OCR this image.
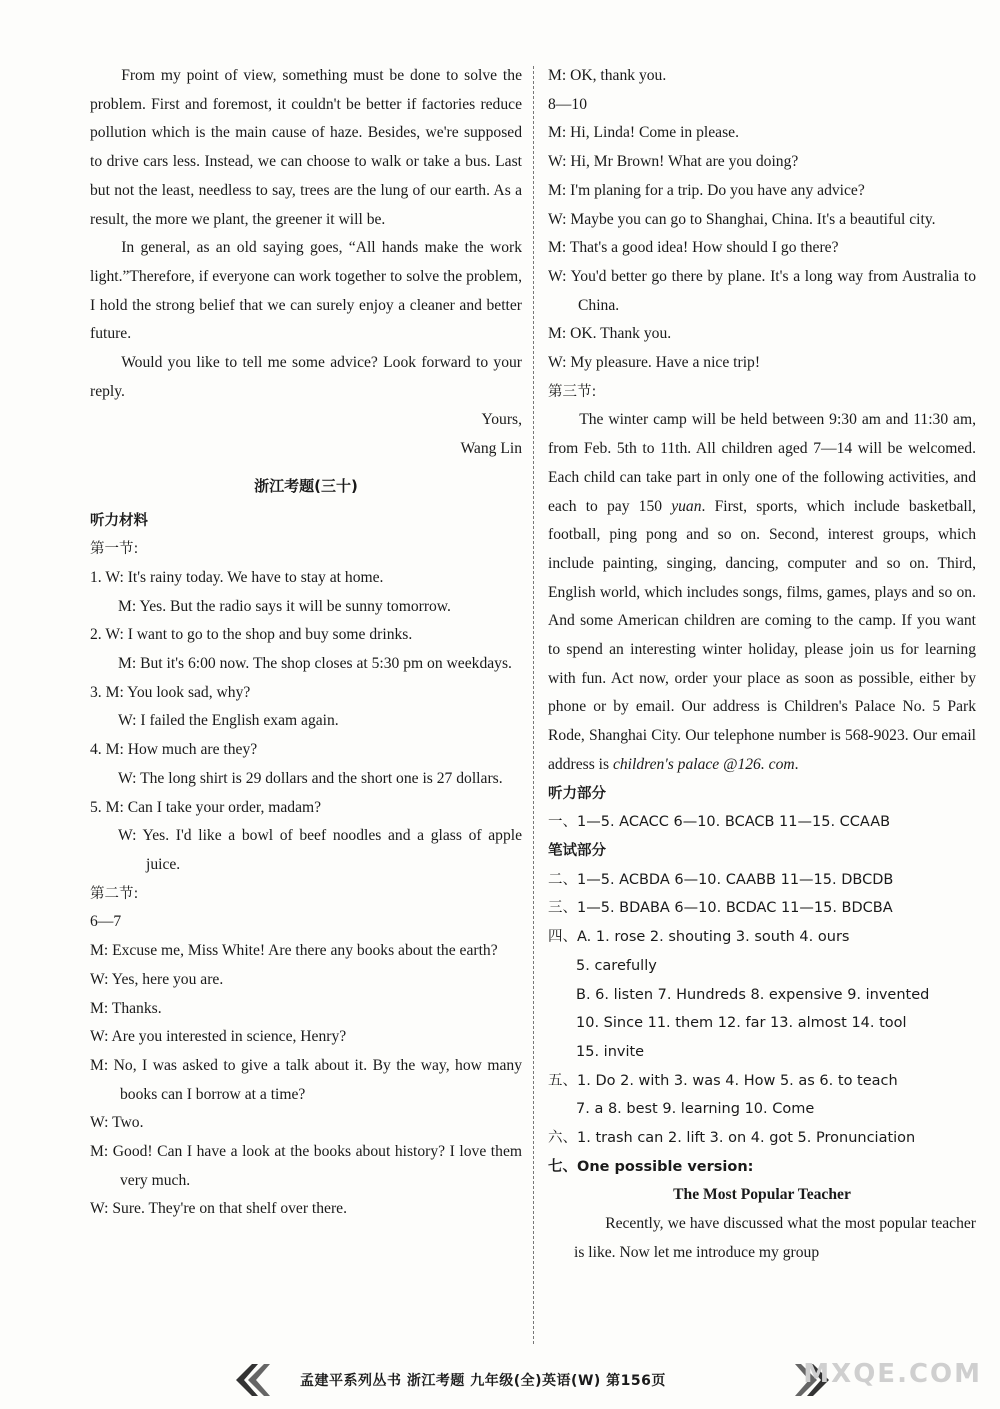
From my point of view, something must be done to solve the problem. First and foremost, it couldn't be better if factories reduce pollution which is the main cause of haze. Besides, we're supposed to drive cars less. Instead, we can choose to walk or take a bus. Last but not the least, needless to say, trees are the lung of our earth. As a result, the more we plant, the greener it will be.

In general, as an old saying goes, “All hands make the work light.”Therefore, if everyone can work together to solve the problem, I hold the strong belief that we can surely enjoy a cleaner and better future.

Would you like to tell me some advice? Look forward to your reply.

Yours,

Wang Lin

浙江考题(三十)

听力材料

第一节:

1. W: It's rainy today. We have to stay at home.

M: Yes. But the radio says it will be sunny tomorrow.

2. W: I want to go to the shop and buy some drinks.

M: But it's 6:00 now. The shop closes at 5:30 pm on weekdays.

3. M: You look sad, why?

W: I failed the English exam again.

4. M: How much are they?

W: The long shirt is 29 dollars and the short one is 27 dollars.

5. M: Can I take your order, madam?

W: Yes. I'd like a bowl of beef noodles and a glass of apple juice.

第二节:

6—7

M: Excuse me, Miss White! Are there any books about the earth?

W: Yes, here you are.

M: Thanks.

W: Are you interested in science, Henry?

M: No, I was asked to give a talk about it. By the way, how many books can I borrow at a time?

W: Two.

M: Good! Can I have a look at the books about history? I love them very much.

W: Sure. They're on that shelf over there.

M: OK, thank you.

8—10

M: Hi, Linda! Come in please.

W: Hi, Mr Brown! What are you doing?

M: I'm planing for a trip. Do you have any advice?

W: Maybe you can go to Shanghai, China. It's a beautiful city.

M: That's a good idea! How should I go there?

W: You'd better go there by plane. It's a long way from Australia to China.

M: OK. Thank you.

W: My pleasure. Have a nice trip!

第三节:

The winter camp will be held between 9:30 am and 11:30 am, from Feb. 5th to 11th. All children aged 7—14 will be welcomed. Each child can take part in only one of the following activities, and each to pay 150 yuan. First, sports, which include basketball, football, ping pong and so on. Second, interest groups, which include painting, singing, dancing, computer and so on. Third, English world, which includes songs, films, games, plays and so on. And some American children are coming to the camp. If you want to spend an interesting winter holiday, please join us for learning with fun. Act now, order your place as soon as possible, either by phone or by email. Our address is Children's Palace No. 5 Park Rode, Shanghai City. Our telephone number is 568-9023. Our email address is children's palace @126. com.

听力部分

一、1—5. ACACC 6—10. BCACB 11—15. CCAAB

笔试部分

二、1—5. ACBDA 6—10. CAABB 11—15. DBCDB

三、1—5. BDABA 6—10. BCDAC 11—15. BDCBA

四、A. 1. rose 2. shouting 3. south 4. ours

5. carefully

B. 6. listen 7. Hundreds 8. expensive 9. invented

10. Since 11. them 12. far 13. almost 14. tool

15. invite

五、1. Do 2. with 3. was 4. How 5. as 6. to teach

7. a 8. best 9. learning 10. Come

六、1. trash can 2. lift 3. on 4. got 5. Pronunciation

七、One possible version:

The Most Popular Teacher

Recently, we have discussed what the most popular teacher is like. Now let me introduce my group

孟建平系列丛书 浙江考题 九年级(全)英语(W) 第156页	MXQE.COM
